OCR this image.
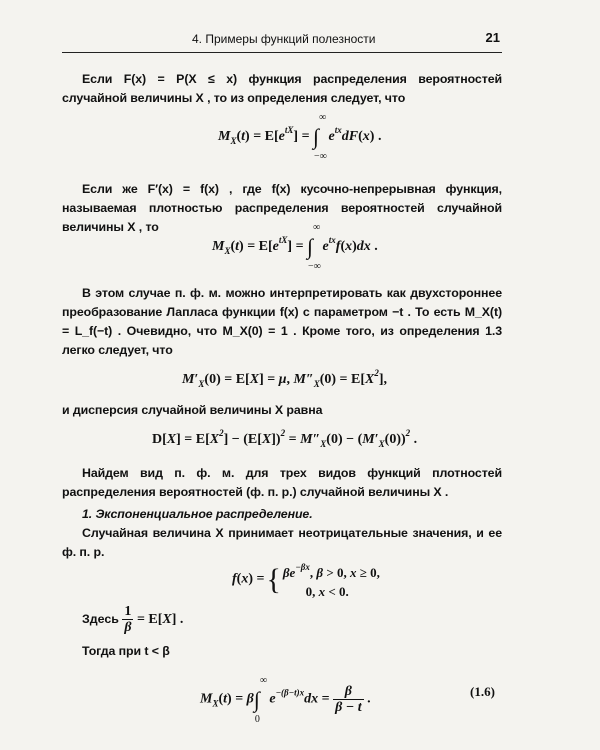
4. Примеры функций полезности	21
Если F(x) = P(X ≤ x) функция распределения вероятностей случайной величины X , то из определения следует, что
$M_X(t) = E[e^{tX}]$ = ∫
∞
−∞
$e^{tx}dF(x)$ .
Если же F′(x) = f(x) , где f(x) кусочно-непрерывная функция, называемая плотностью распределения вероятностей случайной величины X , то
$M_X(t) = E[e^{tX}]$ = ∫
∞
−∞
$e^{tx}f(x)dx$ .
В этом случае п. ф. м. можно интерпретировать как двухстороннее преобразование Лапласа функции f(x) с параметром −t . То есть M_X(t) = L_f(−t) . Очевидно, что M_X(0) = 1 . Кроме того, из определения 1.3 легко следует, что
$M'_X(0) = E[X] = \mu$, $M''_X(0) = E[X^2]$,
и дисперсия случайной величины X равна
$D[X] = E[X^2] - (E[X])^2 = M''_X(0) - (M'_X(0))^2$ .
Найдем вид п. ф. м. для трех видов функций плотностей распределения вероятностей (ф. п. р.) случайной величины X .
1. Экспоненциальное распределение.
Случайная величина X принимает неотрицательные значения, и ее ф. п. р.
f(x) ={ $\beta e^{-\beta x}$, β > 0, x ≥ 0,
0, x < 0.
Здесь $\frac{1}{\beta} = E[X]$ .
Тогда при t < β
$M_X(t) = \beta\int$
∞
0
$e^{-(\beta-t)x}dx = \frac{\beta}{\beta - t}$ .
(1.6)
